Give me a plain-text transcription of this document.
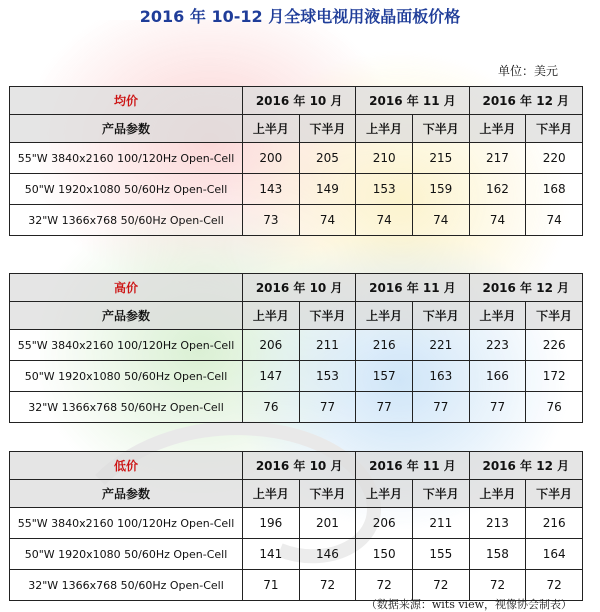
2016 年 10-12 月全球电视用液晶面板价格
单位：美元
均价	2016 年 10 月		2016 年 11 月		2016 年 12 月	
产品参数	上半月	下半月	上半月	下半月	上半月	下半月
55"W 3840x2160 100/120Hz Open-Cell	200	205	210	215	217	220
50"W 1920x1080 50/60Hz Open-Cell	143	149	153	159	162	168
32"W 1366x768 50/60Hz Open-Cell	73	74	74	74	74	74
高价	2016 年 10 月		2016 年 11 月		2016 年 12 月	
产品参数	上半月	下半月	上半月	下半月	上半月	下半月
55"W 3840x2160 100/120Hz Open-Cell	206	211	216	221	223	226
50"W 1920x1080 50/60Hz Open-Cell	147	153	157	163	166	172
32"W 1366x768 50/60Hz Open-Cell	76	77	77	77	77	76
低价	2016 年 10 月		2016 年 11 月		2016 年 12 月	
产品参数	上半月	下半月	上半月	下半月	上半月	下半月
55"W 3840x2160 100/120Hz Open-Cell	196	201	206	211	213	216
50"W 1920x1080 50/60Hz Open-Cell	141	146	150	155	158	164
32"W 1366x768 50/60Hz Open-Cell	71	72	72	72	72	72
（数据来源：wits view，视像协会制表）
